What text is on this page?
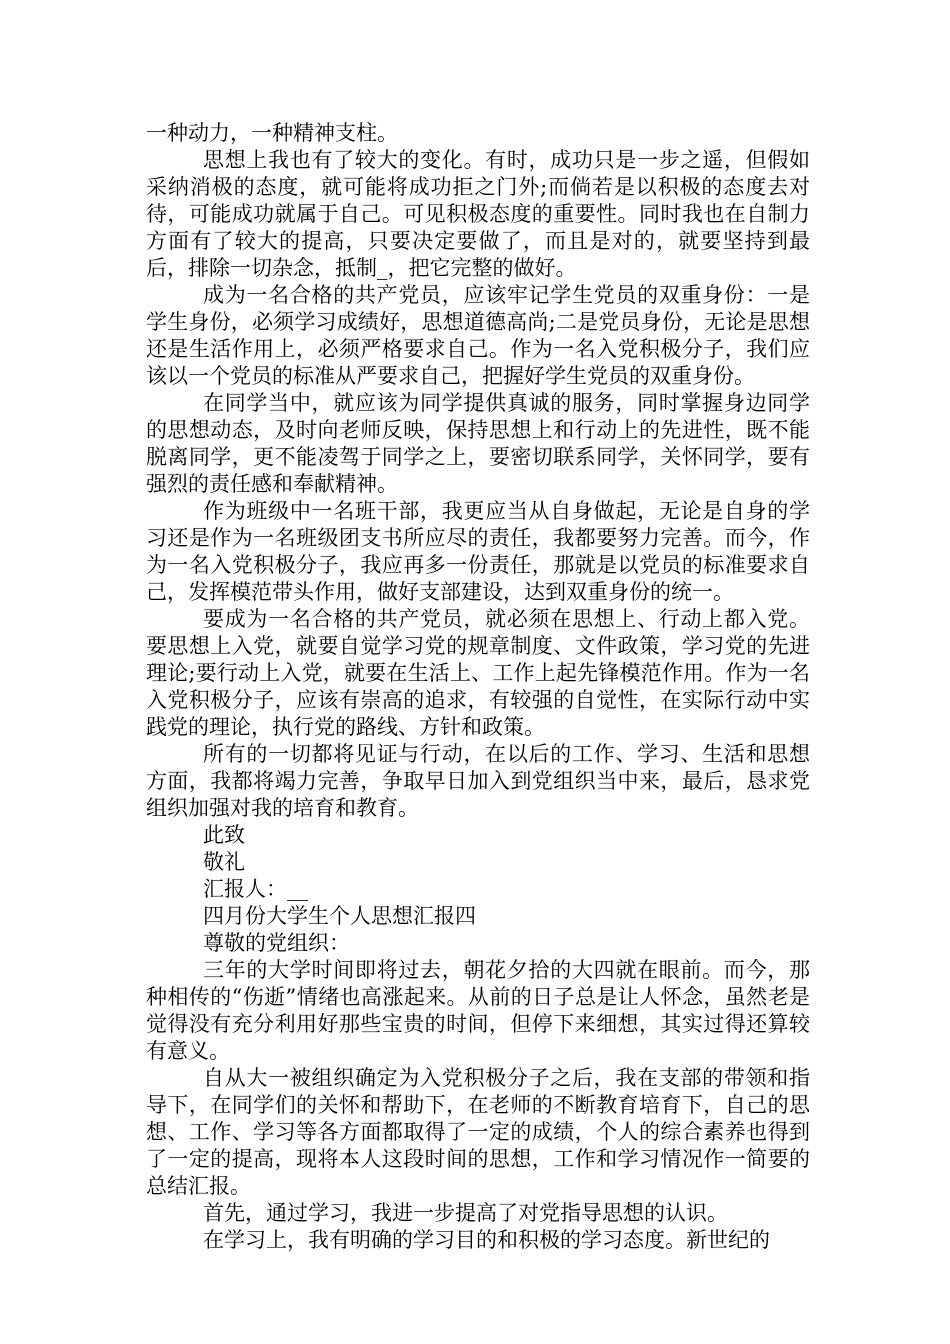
一种动力，一种精神支柱。

思想上我也有了较大的变化。有时，成功只是一步之遥，但假如采纳消极的态度，就可能将成功拒之门外;而倘若是以积极的态度去对待，可能成功就属于自己。可见积极态度的重要性。同时我也在自制力方面有了较大的提高，只要决定要做了，而且是对的，就要坚持到最后，排除一切杂念，抵制_，把它完整的做好。

成为一名合格的共产党员，应该牢记学生党员的双重身份：一是学生身份，必须学习成绩好，思想道德高尚;二是党员身份，无论是思想还是生活作用上，必须严格要求自己。作为一名入党积极分子，我们应该以一个党员的标准从严要求自己，把握好学生党员的双重身份。

在同学当中，就应该为同学提供真诚的服务，同时掌握身边同学的思想动态，及时向老师反映，保持思想上和行动上的先进性，既不能脱离同学，更不能凌驾于同学之上，要密切联系同学，关怀同学，要有强烈的责任感和奉献精神。

作为班级中一名班干部，我更应当从自身做起，无论是自身的学习还是作为一名班级团支书所应尽的责任，我都要努力完善。而今，作为一名入党积极分子，我应再多一份责任，那就是以党员的标准要求自己，发挥模范带头作用，做好支部建设，达到双重身份的统一。

要成为一名合格的共产党员，就必须在思想上、行动上都入党。要思想上入党，就要自觉学习党的规章制度、文件政策，学习党的先进理论;要行动上入党，就要在生活上、工作上起先锋模范作用。作为一名入党积极分子，应该有崇高的追求，有较强的自觉性，在实际行动中实践党的理论，执行党的路线、方针和政策。

所有的一切都将见证与行动，在以后的工作、学习、生活和思想方面，我都将竭力完善，争取早日加入到党组织当中来，最后，恳求党组织加强对我的培育和教育。

此致

敬礼

汇报人：__

四月份大学生个人思想汇报四

尊敬的党组织：

三年的大学时间即将过去，朝花夕拾的大四就在眼前。而今，那种相传的“伤逝”情绪也高涨起来。从前的日子总是让人怀念，虽然老是觉得没有充分利用好那些宝贵的时间，但停下来细想，其实过得还算较有意义。

自从大一被组织确定为入党积极分子之后，我在支部的带领和指导下，在同学们的关怀和帮助下，在老师的不断教育培育下，自己的思想、工作、学习等各方面都取得了一定的成绩，个人的综合素养也得到了一定的提高，现将本人这段时间的思想，工作和学习情况作一简要的总结汇报。

首先，通过学习，我进一步提高了对党指导思想的认识。

在学习上，我有明确的学习目的和积极的学习态度。新世纪的
